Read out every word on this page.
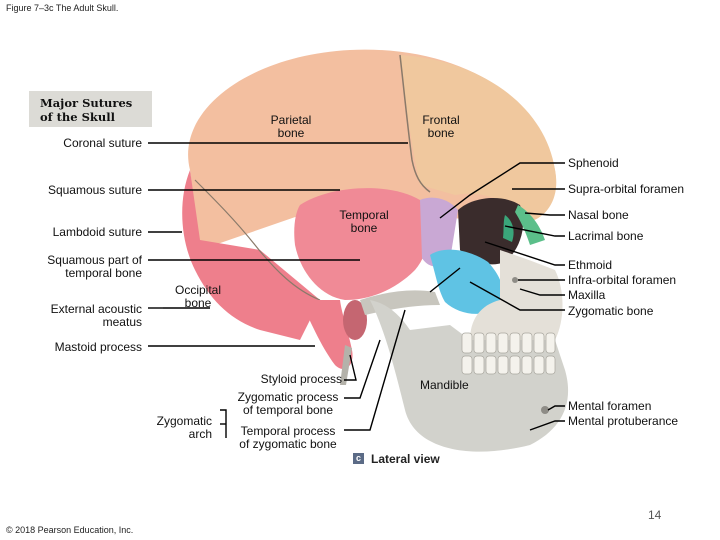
Figure 7–3c The Adult Skull.
Major Sutures
of the Skull
Coronal suture
Squamous suture
Lambdoid suture
Squamous part of
temporal bone
External acoustic
meatus
Mastoid process
Parietal
bone
Frontal
bone
Temporal
bone
Occipital
bone
Sphenoid
Supra-orbital foramen
Nasal bone
Lacrimal bone
Ethmoid
Infra-orbital foramen
Maxilla
Zygomatic bone
Mandible
Mental foramen
Mental protuberance
Styloid process
Zygomatic process
of temporal bone
Temporal process
of zygomatic bone
Zygomatic
arch
c Lateral view
14
© 2018 Pearson Education, Inc.
